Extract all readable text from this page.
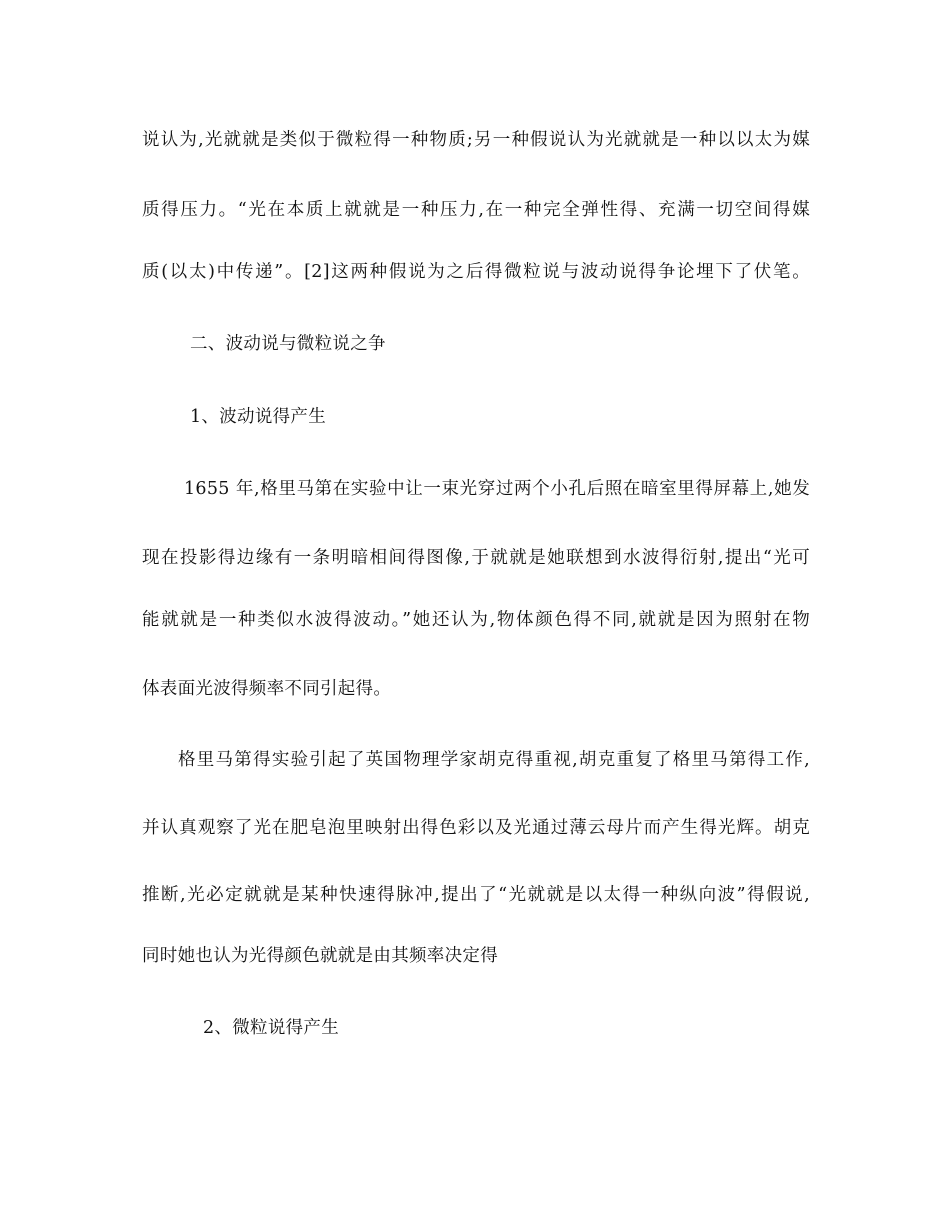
说认为,光就就是类似于微粒得一种物质;另一种假说认为光就就是一种以以太为媒
质得压力。“光在本质上就就是一种压力,在一种完全弹性得、充满一切空间得媒
质(以太)中传递”。[2]这两种假说为之后得微粒说与波动说得争论埋下了伏笔。
二、波动说与微粒说之争
1、波动说得产生
1655 年,格里马第在实验中让一束光穿过两个小孔后照在暗室里得屏幕上,她发
现在投影得边缘有一条明暗相间得图像,于就就是她联想到水波得衍射,提出“光可
能就就是一种类似水波得波动。”她还认为,物体颜色得不同,就就是因为照射在物
体表面光波得频率不同引起得。
格里马第得实验引起了英国物理学家胡克得重视,胡克重复了格里马第得工作,
并认真观察了光在肥皂泡里映射出得色彩以及光通过薄云母片而产生得光辉。胡克
推断,光必定就就是某种快速得脉冲,提出了“光就就是以太得一种纵向波”得假说,
同时她也认为光得颜色就就是由其频率决定得
2、微粒说得产生
